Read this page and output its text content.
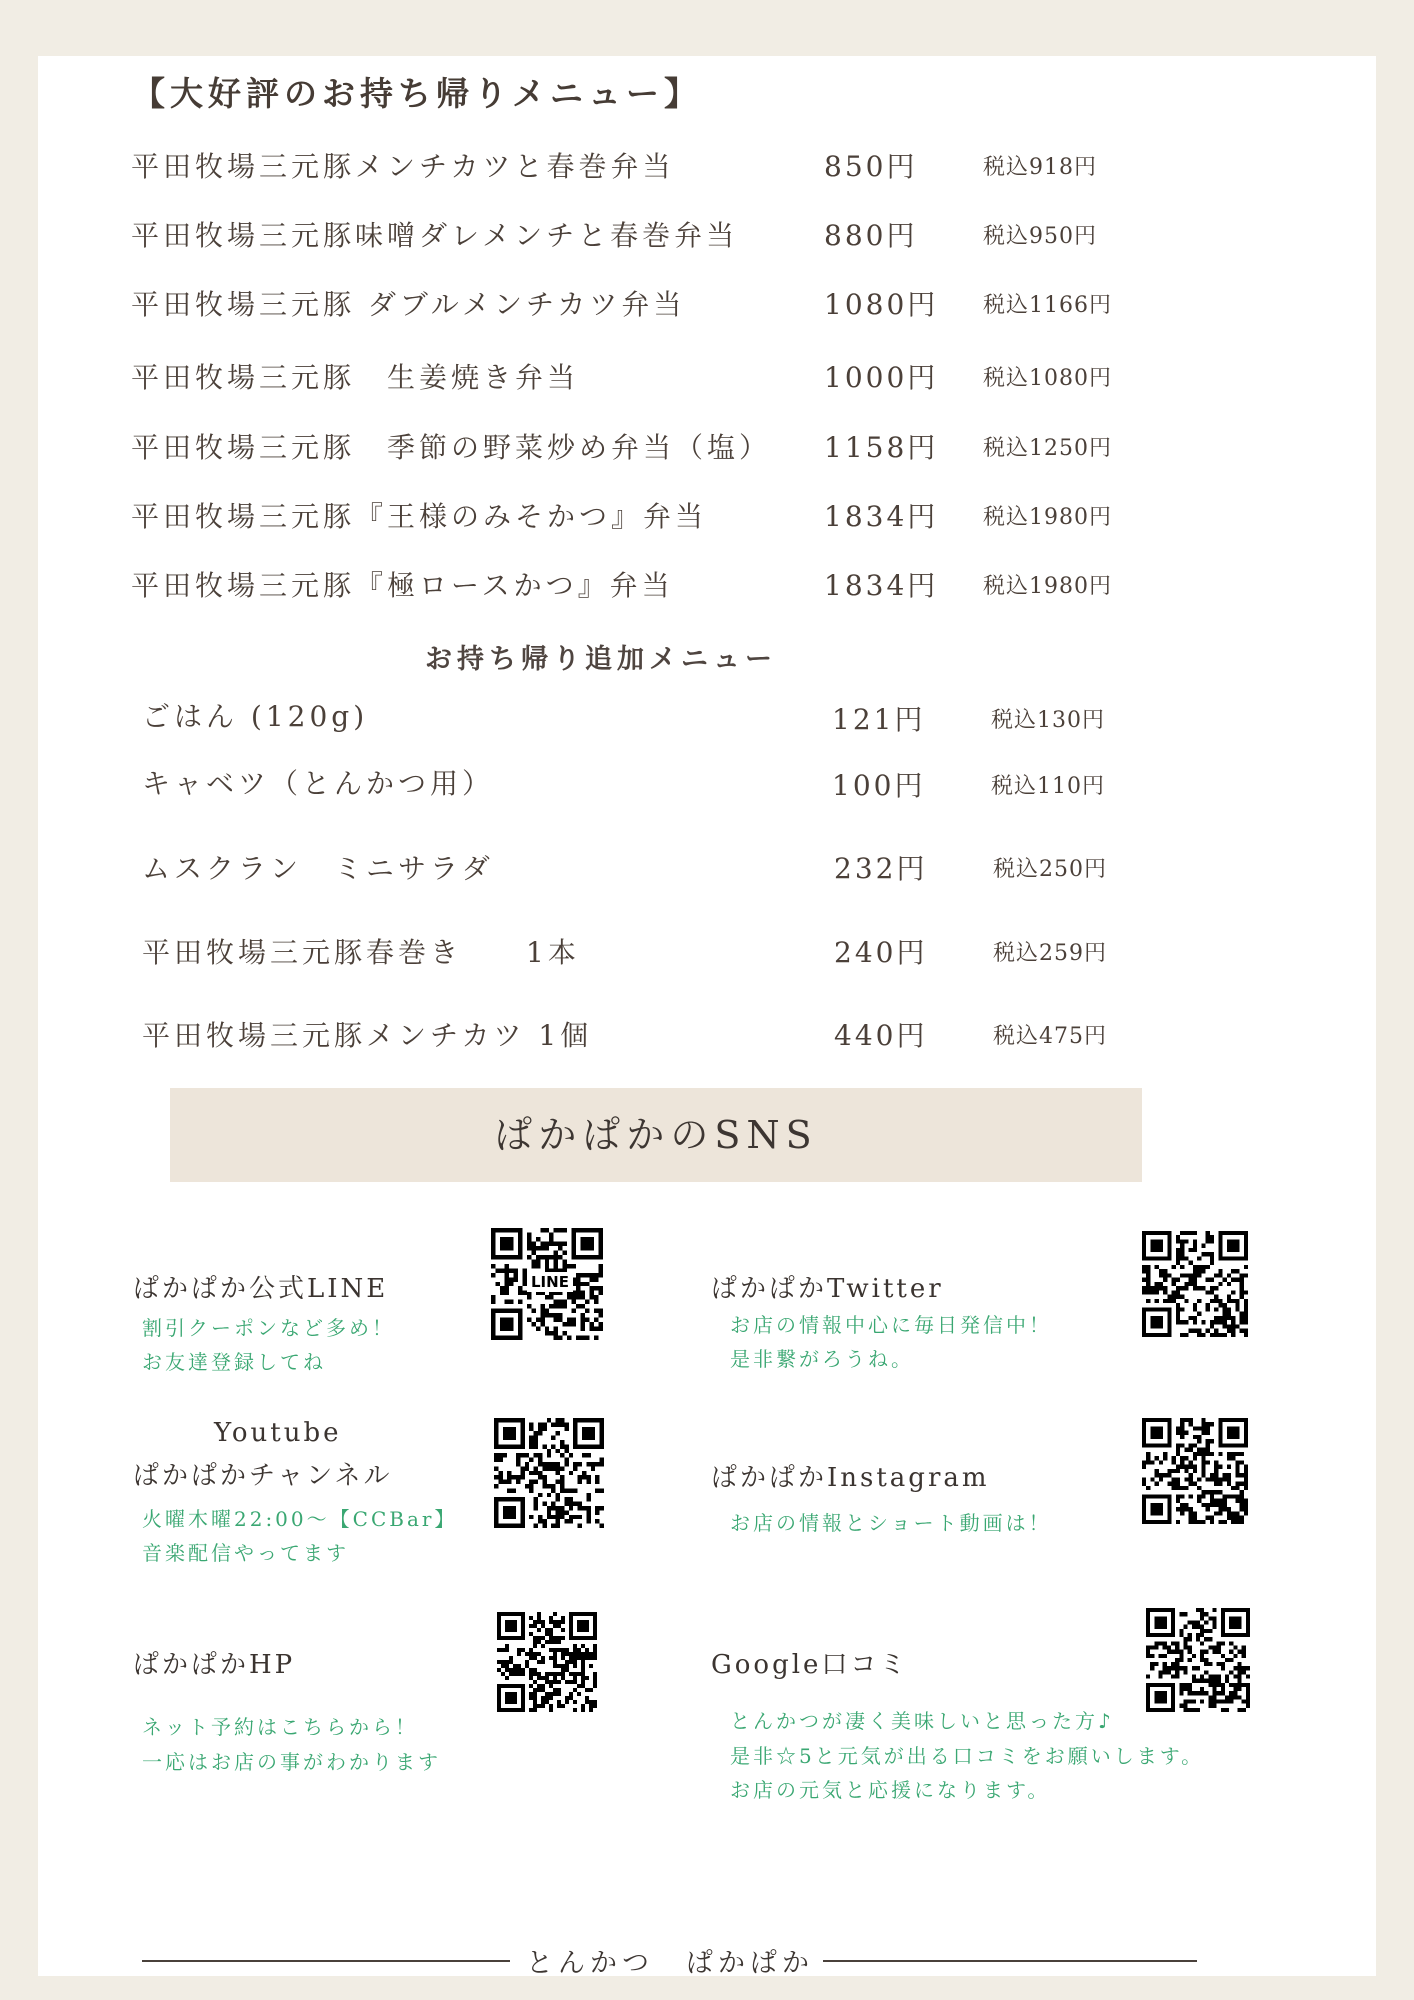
【大好評のお持ち帰りメニュー】
平田牧場三元豚メンチカツと春巻弁当	850円	税込918円
平田牧場三元豚味噌ダレメンチと春巻弁当	880円	税込950円
平田牧場三元豚 ダブルメンチカツ弁当	1080円 税込1166円
平田牧場三元豚　生姜焼き弁当	1000円 税込1080円
平田牧場三元豚　季節の野菜炒め弁当（塩） 1158円 税込1250円
平田牧場三元豚『王様のみそかつ』弁当	1834円 税込1980円
平田牧場三元豚『極ロースかつ』弁当	1834円 税込1980円
お持ち帰り追加メニュー
ごはん (120g)	121円	税込130円
キャベツ（とんかつ用）	100円	税込110円
ムスクラン　ミニサラダ	232円	税込250円
平田牧場三元豚春巻き　　1本	240円	税込259円
平田牧場三元豚メンチカツ 1個	440円	税込475円
ぱかぱかのSNS
ぱかぱか公式LINE
割引クーポンなど多め！
お友達登録してね
LINE	ぱかぱかTwitter
お店の情報中心に毎日発信中！
是非繋がろうね。
Youtube
ぱかぱかチャンネル
火曜木曜22:00〜【CCBar】
音楽配信やってます
ぱかぱかInstagram
お店の情報とショート動画は！
ぱかぱかHP
ネット予約はこちらから！
一応はお店の事がわかります
Google口コミ
とんかつが凄く美味しいと思った方♪
是非☆5と元気が出る口コミをお願いします。
お店の元気と応援になります。
とんかつ　ぱかぱか
